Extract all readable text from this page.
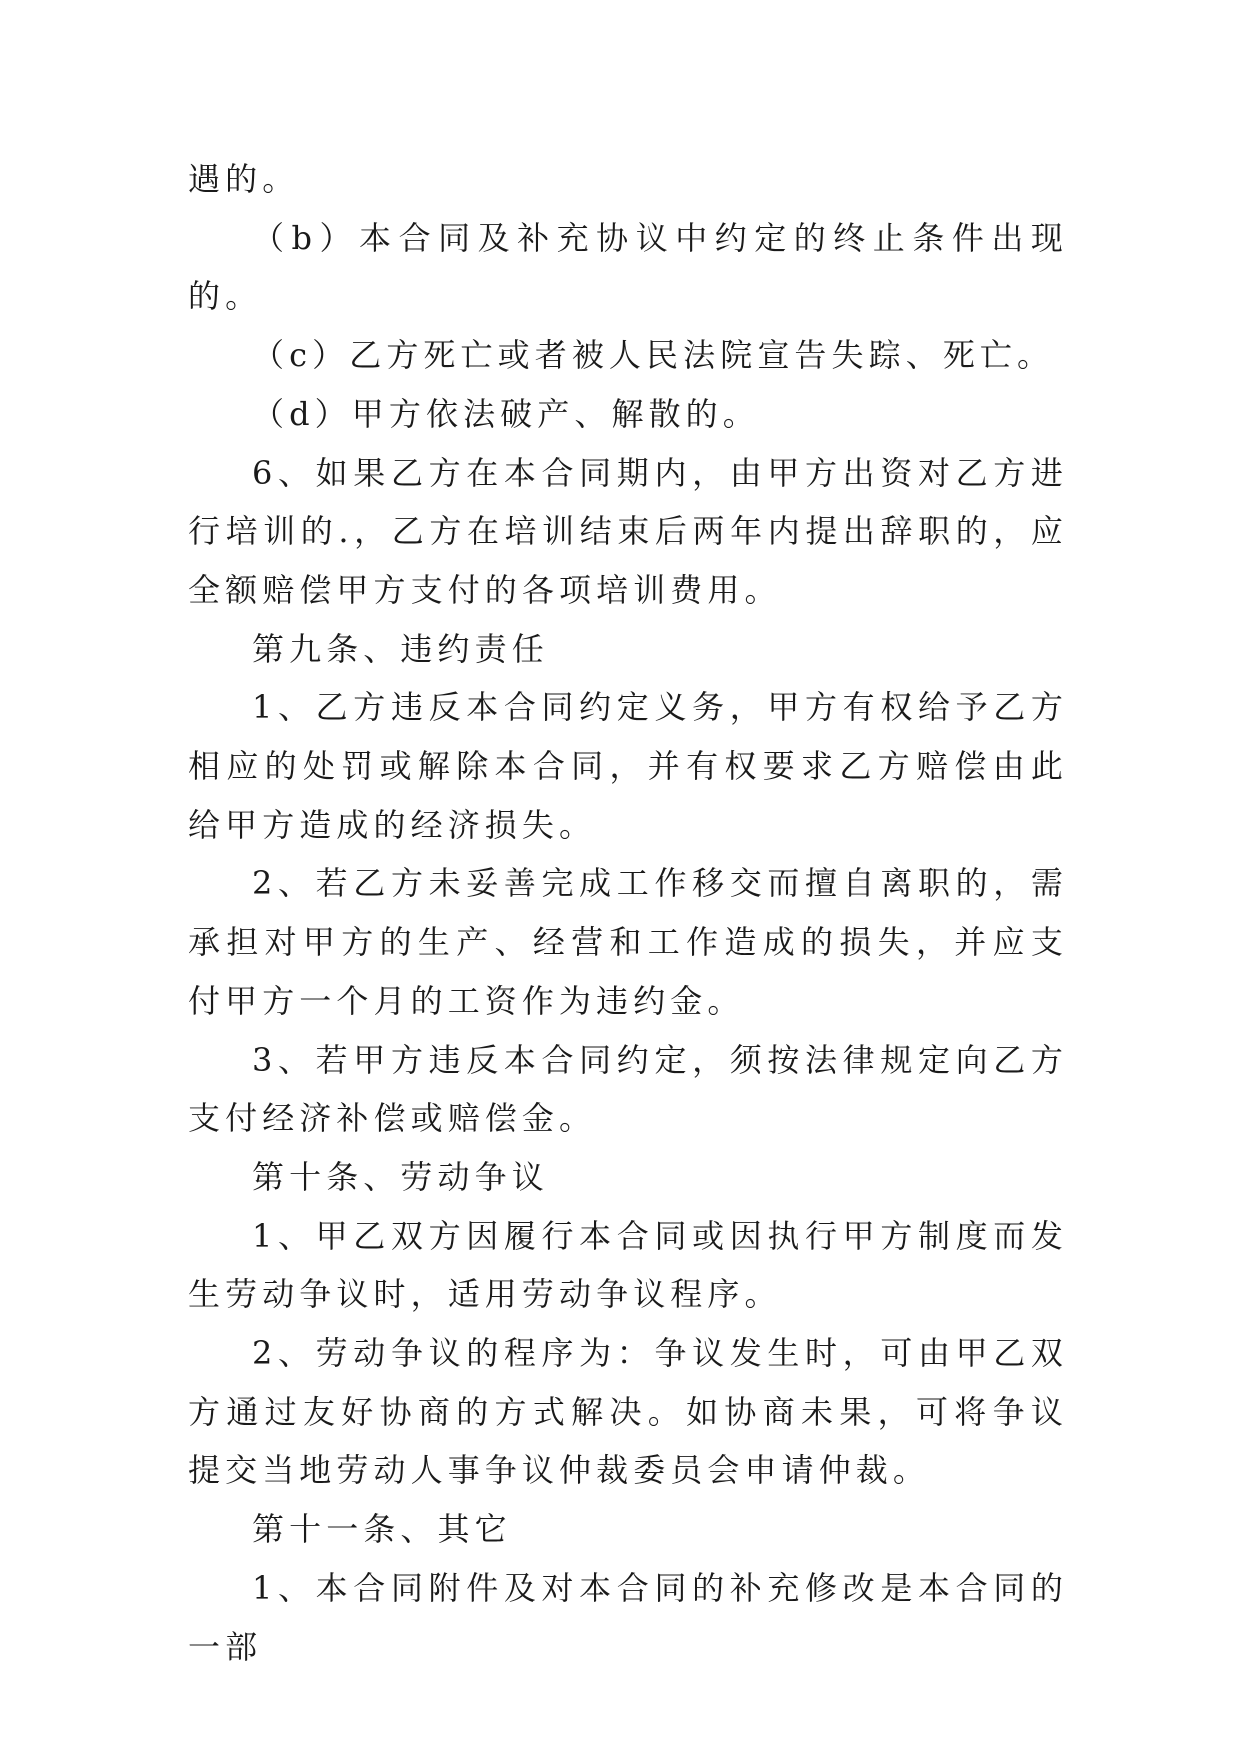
遇的。

（b）本合同及补充协议中约定的终止条件出现的。

（c）乙方死亡或者被人民法院宣告失踪、死亡。

（d）甲方依法破产、解散的。

6、如果乙方在本合同期内，由甲方出资对乙方进行培训的.，乙方在培训结束后两年内提出辞职的，应全额赔偿甲方支付的各项培训费用。

第九条、违约责任

1、乙方违反本合同约定义务，甲方有权给予乙方相应的处罚或解除本合同，并有权要求乙方赔偿由此给甲方造成的经济损失。

2、若乙方未妥善完成工作移交而擅自离职的，需承担对甲方的生产、经营和工作造成的损失，并应支付甲方一个月的工资作为违约金。

3、若甲方违反本合同约定，须按法律规定向乙方支付经济补偿或赔偿金。

第十条、劳动争议

1、甲乙双方因履行本合同或因执行甲方制度而发生劳动争议时，适用劳动争议程序。

2、劳动争议的程序为：争议发生时，可由甲乙双方通过友好协商的方式解决。如协商未果，可将争议提交当地劳动人事争议仲裁委员会申请仲裁。

第十一条、其它

1、本合同附件及对本合同的补充修改是本合同的一部
